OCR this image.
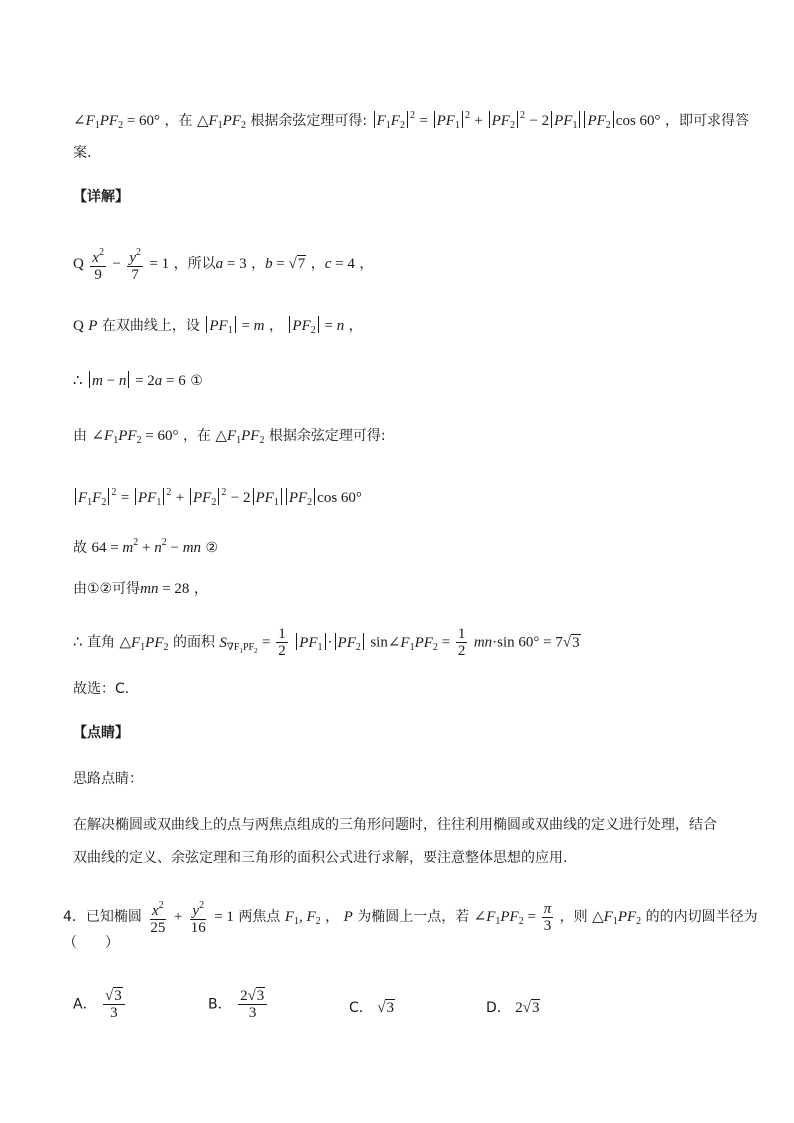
$\angle F_1PF_2 = 60^\circ$ ，在 $\triangle F_1PF_2$ 根据余弦定理可得: $F_1F_2^2 = PF_1^2 + PF_2^2 - 2$ $PF_1$ $PF_2$ cos 60° ，即可求得答
案.
【详解】
Q $\frac{x^2}{9} - \frac{y^2}{7} = 1$ ，所以a = 3 ，b = √7 ，c = 4 ，
Q P 在双曲线上，设 $PF_1 = m$ ， $PF_2 = n$ ，
∴ m − n = 2a = 6 ①
由 $\angle F_1PF_2 = 60^\circ$ ，在 $\triangle F_1PF_2$ 根据余弦定理可得:
$F_1F_2^2 = PF_1^2 + PF_2^2 - 2$ $PF_1$ $PF_2$ cos 60°
故 $64 = m^2 + n^2$ − mn ②
由①②可得mn = 28 ，
∴ 直角 $\triangle F_1PF_2$ 的面积 $S_{\nabla F_1PF_2} = \frac{1}{2} PF_1 \cdot PF_2$ $\sin\angle F_1PF_2 = \frac{1}{2} mn\cdot\sin$ 60° = 7√3
故选：C.
【点睛】
思路点睛：
在解决椭圆或双曲线上的点与两焦点组成的三角形问题时，往往利用椭圆或双曲线的定义进行处理，结合
双曲线的定义、余弦定理和三角形的面积公式进行求解，要注意整体思想的应用.
4．已知椭圆 $\frac{x^2}{25} + \frac{y^2}{16} = 1$ 两焦点 $F_1$, $F_2$ ， P 为椭圆上一点，若 $\angle F_1PF_2 = \frac{\pi}{3}$ ，则 $\triangle F_1PF_2$ 的的内切圆半径为
（　　）
A． $\frac{√3}{3}$	B． $\frac{2√3}{3}$	C． √3	D． 2√3
